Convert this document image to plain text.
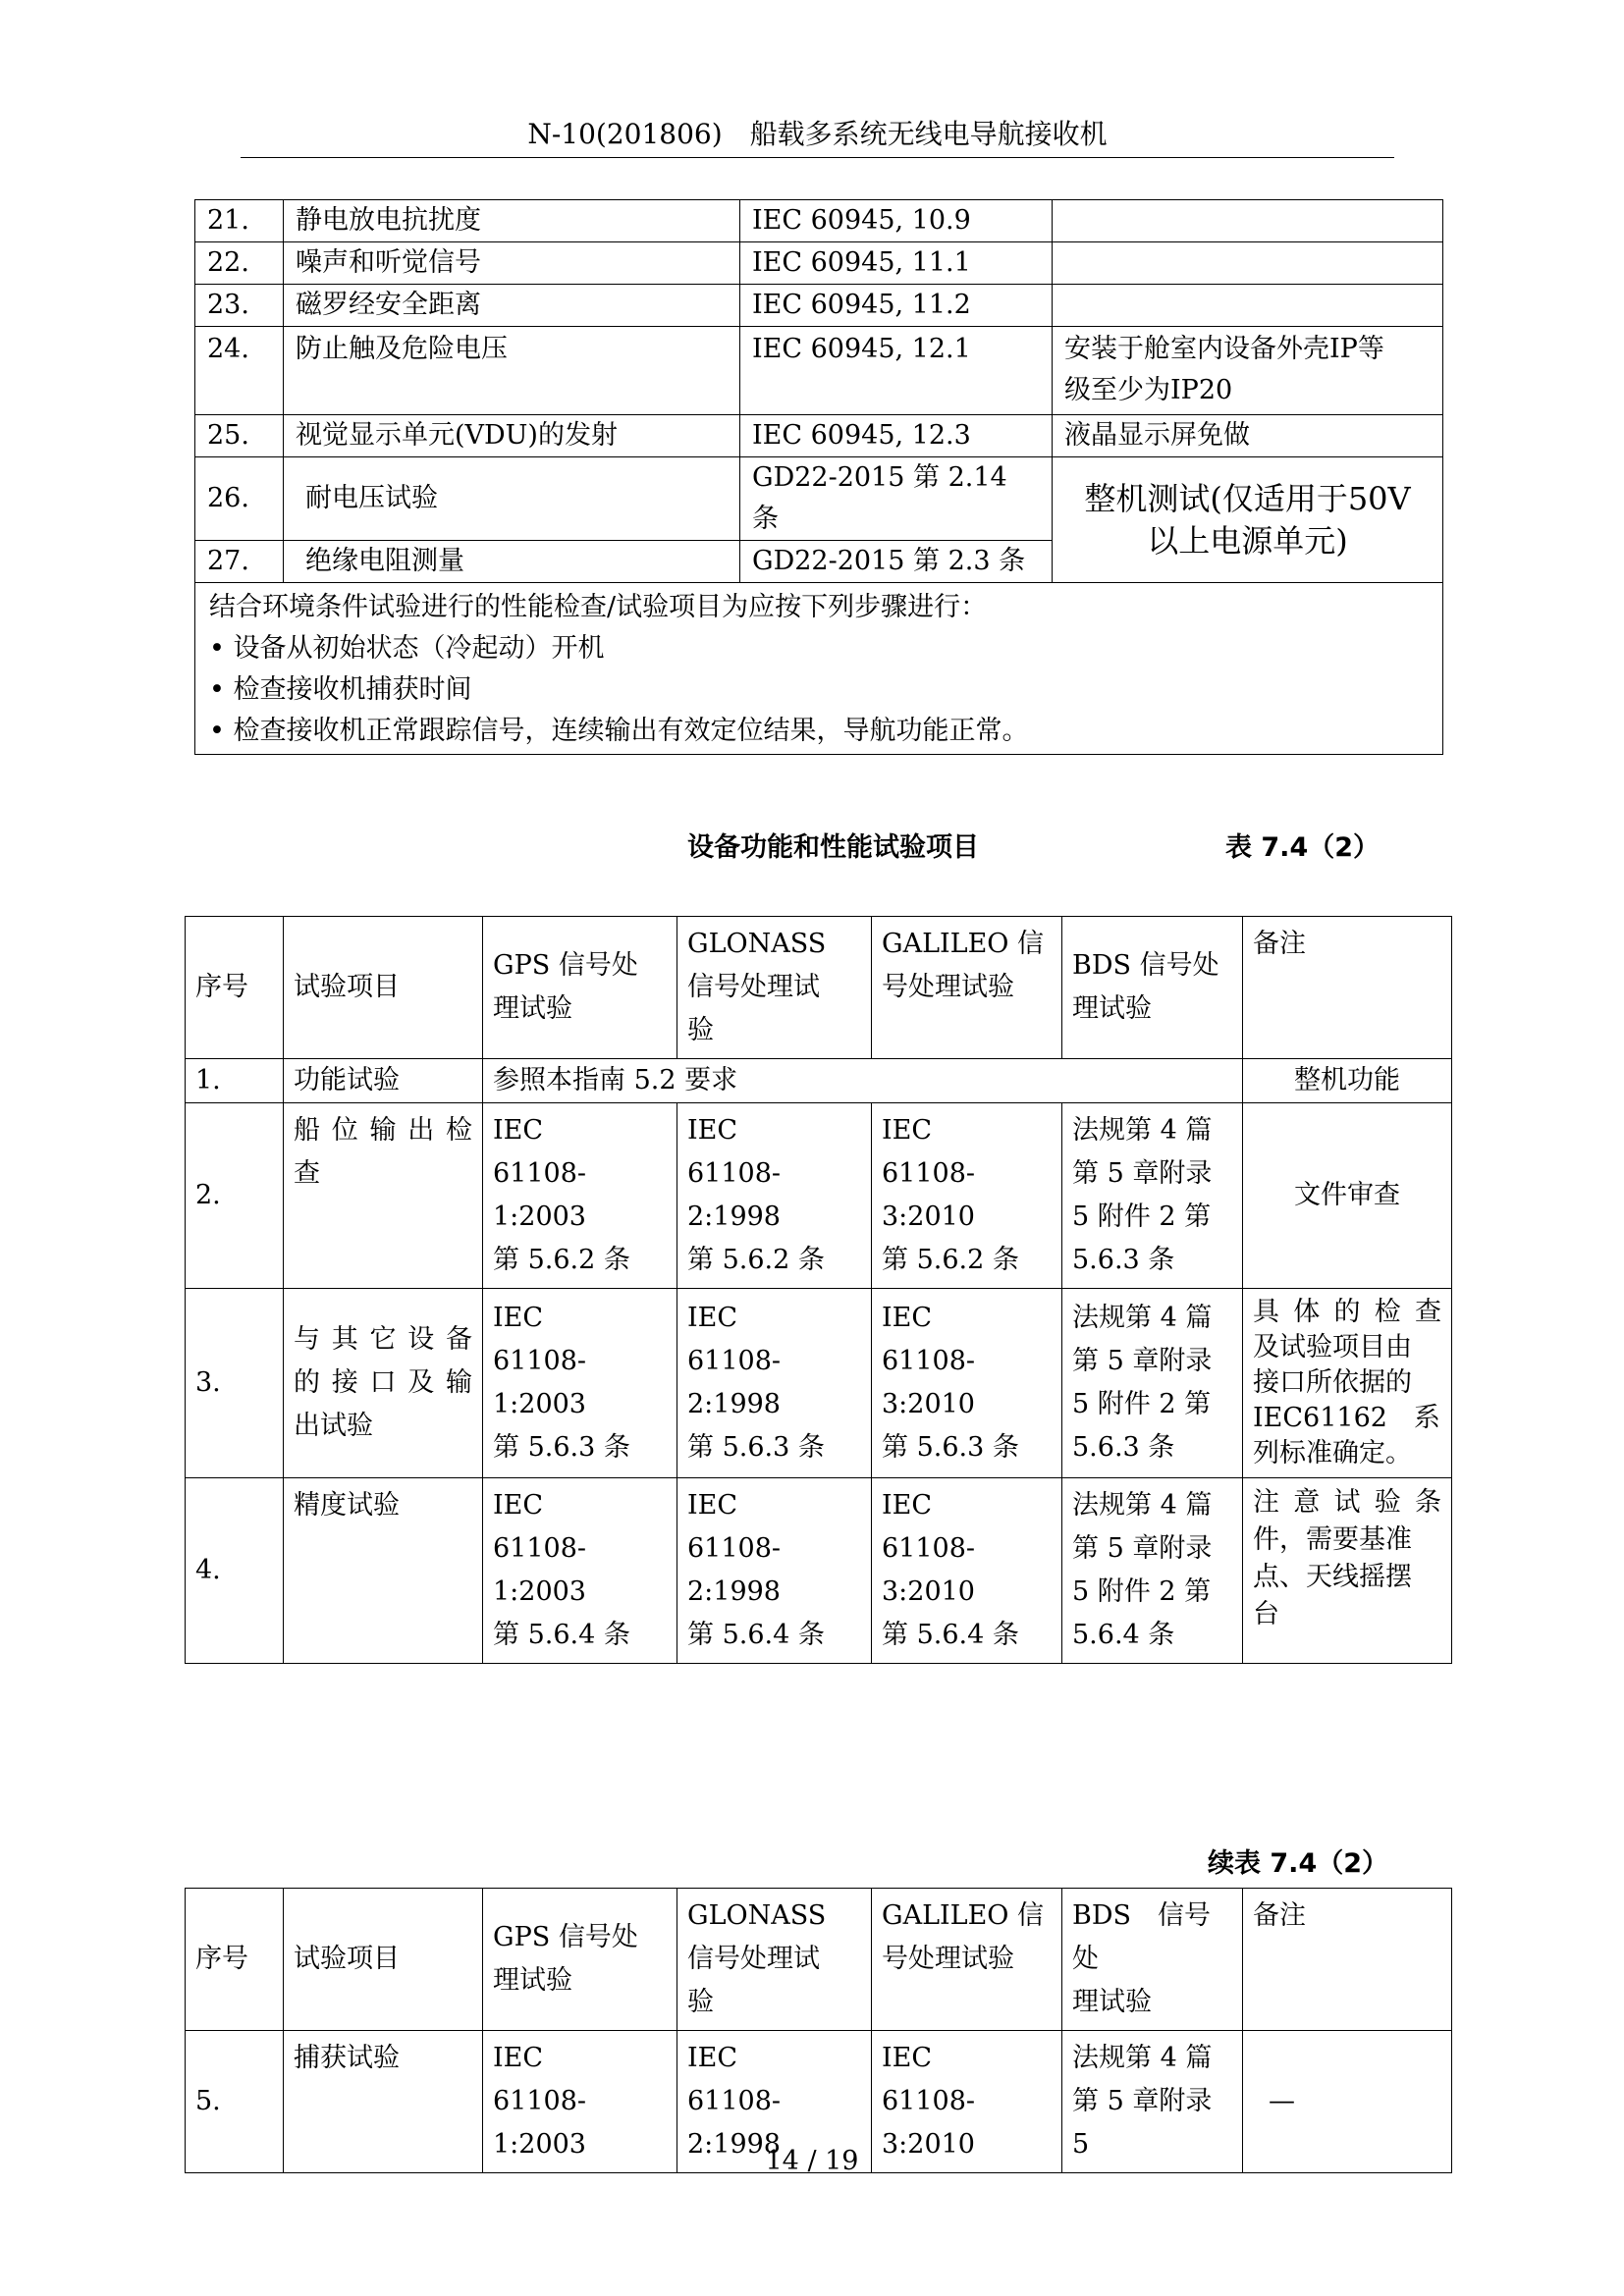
N-10(201806)　船载多系统无线电导航接收机
21.	静电放电抗扰度	IEC 60945, 10.9	
22.	噪声和听觉信号	IEC 60945, 11.1	
23.	磁罗经安全距离	IEC 60945, 11.2	
24.	防止触及危险电压	IEC 60945, 12.1	安装于舱室内设备外壳IP等
级至少为IP20

25.	视觉显示单元(VDU)的发射	IEC 60945, 12.3	液晶显示屏免做
26.	耐电压试验	GD22-2015 第 2.14 条	整机测试(仅适用于50V
以上电源单元)

27.	绝缘电阻测量	GD22-2015 第 2.3 条	

结合环境条件试验进行的性能检查/试验项目为应按下列步骤进行：
• 设备从初始状态（冷起动）开机
• 检查接收机捕获时间
• 检查接收机正常跟踪信号，连续输出有效定位结果，导航功能正常。
设备功能和性能试验项目	表 7.4（2）
序号	试验项目	GPS 信号处
理试验	GLONASS
信号处理试
验	GALILEO 信
号处理试验	BDS 信号处
理试验	备注
1.	功能试验	参照本指南 5.2 要求				整机功能
2.	船位输出检
查	IEC
61108-1:2003
第 5.6.2 条	IEC
61108-2:1998
第 5.6.2 条	IEC
61108-3:2010
第 5.6.2 条	法规第 4 篇
第 5 章附录
5 附件 2 第
5.6.3 条	文件审查
3.	与其它设备
的接口及输
出试验	IEC
61108-1:2003
第 5.6.3 条	IEC
61108-2:1998
第 5.6.3 条	IEC
61108-3:2010
第 5.6.3 条	法规第 4 篇
第 5 章附录
5 附件 2 第
5.6.3 条	具体的检查
及试验项目由
接口所依据的
IEC61162　系
列标准确定。

4.	精度试验	IEC
61108-1:2003
第 5.6.4 条	IEC
61108-2:1998
第 5.6.4 条	IEC
61108-3:2010
第 5.6.4 条	法规第 4 篇
第 5 章附录
5 附件 2 第
5.6.4 条	注意试验条
件，需要基准
点、天线摇摆
台
续表 7.4（2）
序号	试验项目	GPS 信号处
理试验	GLONASS
信号处理试
验	GALILEO 信
号处理试验	BDS　信号处
理试验	备注
5.	捕获试验	IEC
61108-1:2003	IEC
61108-2:1998	IEC
61108-3:2010	法规第 4 篇
第 5 章附录 5	—
14 / 19
